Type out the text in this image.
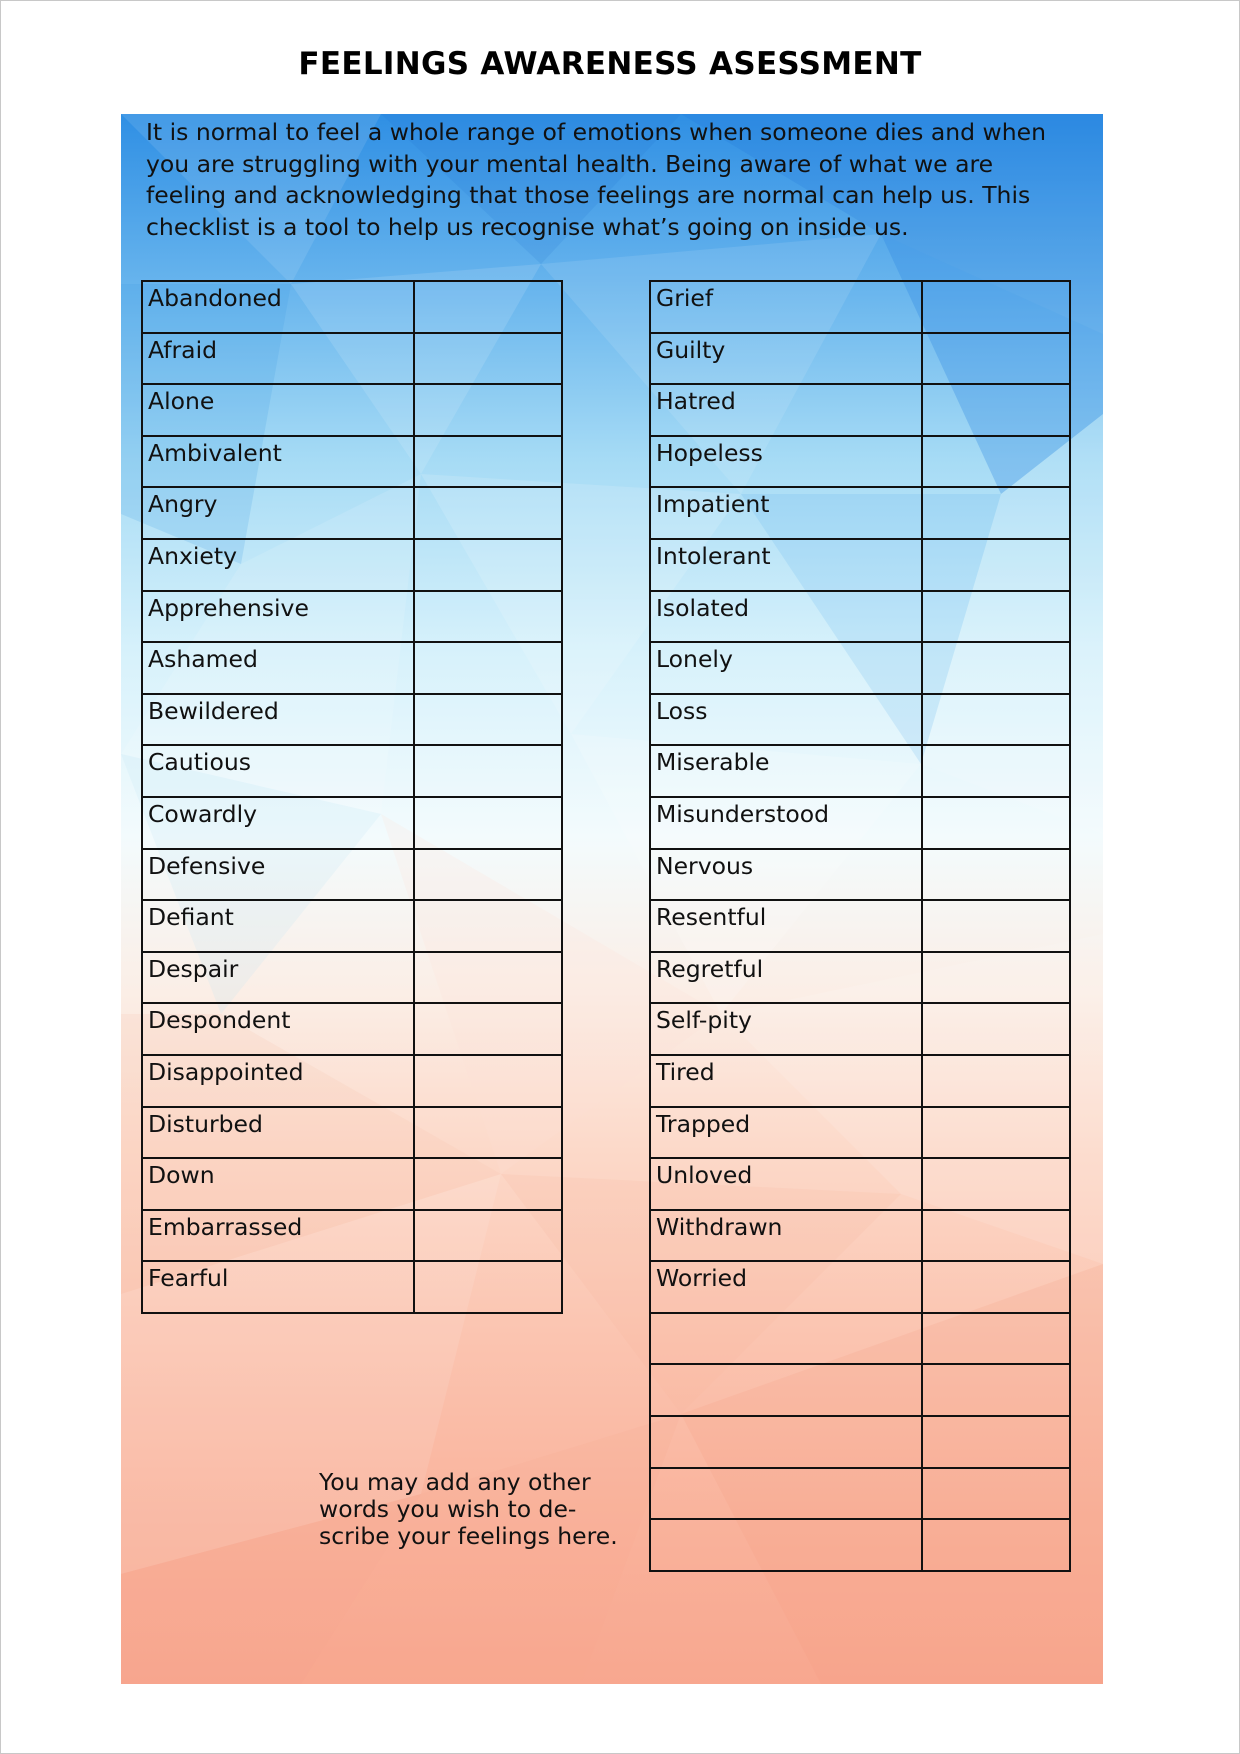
FEELINGS AWARENESS ASESSMENT
It is normal to feel a whole range of emotions when someone dies and when you are struggling with your mental health. Being aware of what we are feeling and acknowledging that those feelings are normal can help us. This checklist is a tool to help us recognise what’s going on inside us.
Abandoned	
Afraid	
Alone	
Ambivalent	
Angry	
Anxiety	
Apprehensive	
Ashamed	
Bewildered	
Cautious	
Cowardly	
Defensive	
Defiant	
Despair	
Despondent	
Disappointed	
Disturbed	
Down	
Embarrassed	
Fearful	
Grief	
Guilty	
Hatred	
Hopeless	
Impatient	
Intolerant	
Isolated	
Lonely	
Loss	
Miserable	
Misunderstood	
Nervous	
Resentful	
Regretful	
Self-pity	
Tired	
Trapped	
Unloved	
Withdrawn	
Worried	

You may add any other words you wish to de-scribe your feelings here.
